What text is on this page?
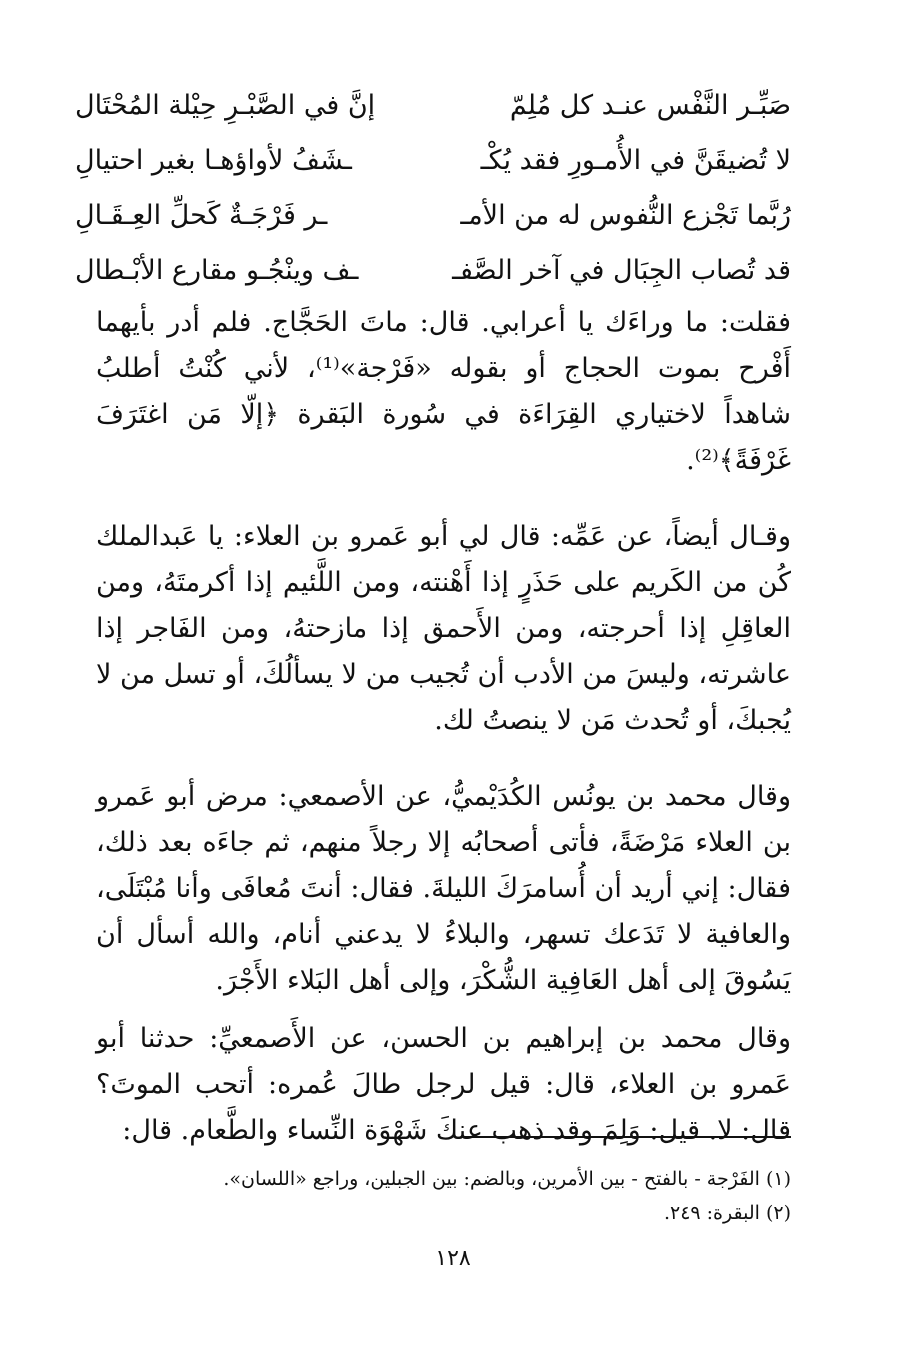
صَبِّـر النَّفْس عنـد كل مُلِمّ
إنَّ في الصَّبْـرِ حِيْلة المُحْتَال
لا تُضيقَنَّ في الأُمـورِ فقد يُكْـ
ـشَفُ لأواؤهـا بغير احتيالِ
رُبَّما تَجْزع النُّفوس له من الأمـ
ـر فَرْجَـةٌ كَحلِّ العِـقَـالِ
قد تُصاب الجِبَال في آخر الصَّفـ
ـف وينْجُـو مقارع الأبْـطال

فقلت: ما وراءَك يا أعرابي. قال: ماتَ الحَجَّاج. فلم أدر بأيهما أَفْرح بموت الحجاج أو بقوله «فَرْجة»⁽¹⁾، لأني كُنْتُ أطلبُ شاهداً لاختياري القِرَاءَة في سُورة البَقرة ﴿إلّا مَن اغتَرَفَ غَرْفَةً﴾⁽²⁾.

وقـال أيضاً، عن عَمِّه: قال لي أبو عَمرو بن العلاء: يا عَبدالملك كُن من الكَريم على حَذَرٍ إذا أَهْنته، ومن اللَّئيم إذا أكرمتَهُ، ومن العاقِلِ إذا أحرجته، ومن الأَحمق إذا مازحتهُ، ومن الفَاجر إذا عاشرته، وليسَ من الأدب أن تُجيب من لا يسألُكَ، أو تسل من لا يُجبكَ، أو تُحدث مَن لا ينصتُ لك.

وقال محمد بن يونُس الكُدَيْميُّ، عن الأصمعي: مرض أبو عَمرو بن العلاء مَرْضَةً، فأتى أصحابُه إلا رجلاً منهم، ثم جاءَه بعد ذلك، فقال: إني أريد أن أُسامرَكَ الليلةَ. فقال: أنتَ مُعافَى وأنا مُبْتَلَى، والعافية لا تَدَعك تسهر، والبلاءُ لا يدعني أنام، والله أسأل أن يَسُوقَ إلى أهل العَافِية الشُّكْرَ، وإلى أهل البَلاء الأَجْرَ.

وقال محمد بن إبراهيم بن الحسن، عن الأَصمعيِّ: حدثنا أبو عَمرو بن العلاء، قال: قيل لرجل طالَ عُمره: أتحب الموتَ؟ قال: لا. قيل: وَلِمَ وقد ذهب عنكَ شَهْوَة النِّساء والطَّعام. قال:

(١) الفَرْجة - بالفتح - بين الأمرين، وبالضم: بين الجبلين، وراجع «اللسان».
(٢) البقرة: ٢٤٩.
١٢٨
